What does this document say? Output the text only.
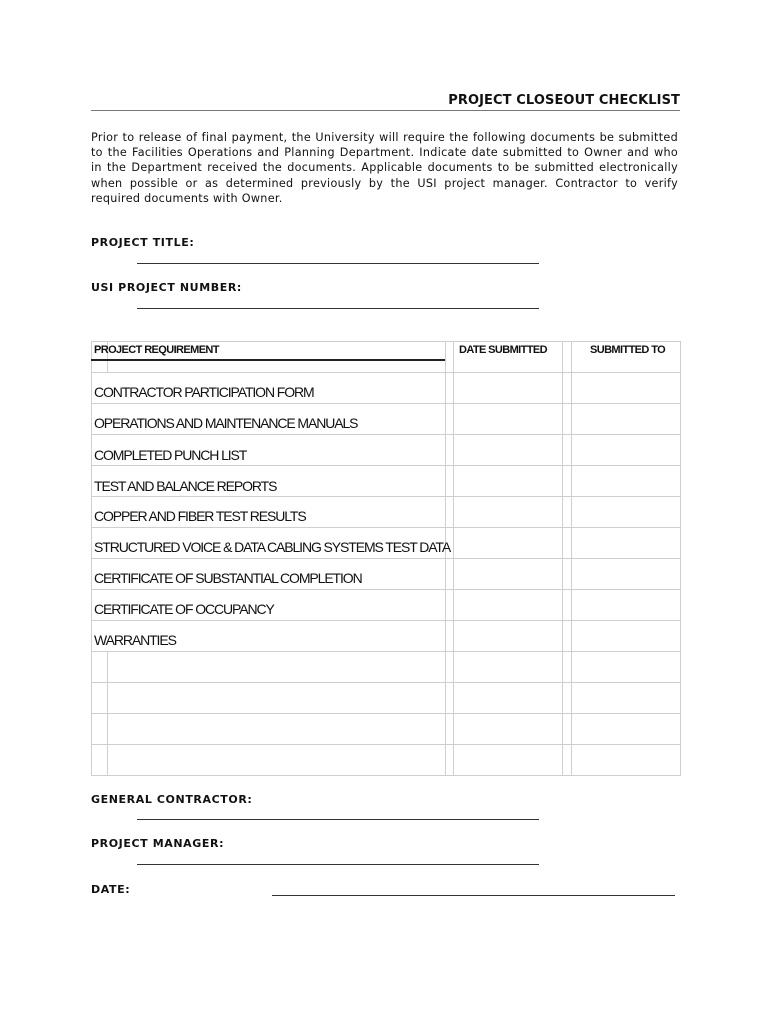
PROJECT CLOSEOUT CHECKLIST
Prior to release of final payment, the University will require the following documents be submitted to the Facilities Operations and Planning Department. Indicate date submitted to Owner and who in the Department received the documents. Applicable documents to be submitted electronically when possible or as determined previously by the USI project manager. Contractor to verify required documents with Owner.
PROJECT TITLE:
USI PROJECT NUMBER:
PROJECT REQUIREMENT	DATE SUBMITTED	SUBMITTED TO
CONTRACTOR PARTICIPATION FORM
OPERATIONS AND MAINTENANCE MANUALS
COMPLETED PUNCH LIST
TEST AND BALANCE REPORTS
COPPER AND FIBER TEST RESULTS
STRUCTURED VOICE & DATA CABLING SYSTEMS TEST DATA
CERTIFICATE OF SUBSTANTIAL COMPLETION
CERTIFICATE OF OCCUPANCY
WARRANTIES
GENERAL CONTRACTOR:
PROJECT MANAGER:
DATE:
